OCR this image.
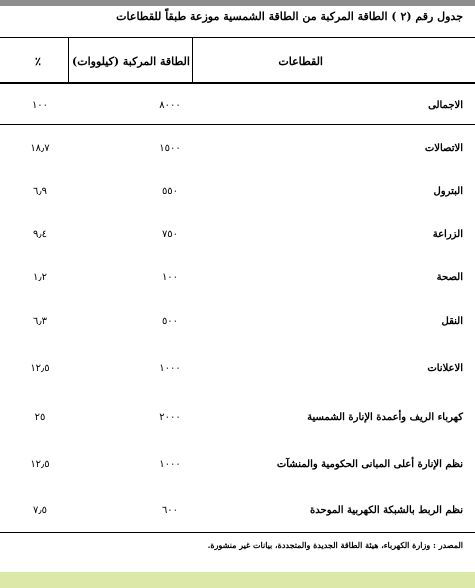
جدول رقم (٢ ) الطاقة المركبة من الطاقة الشمسية موزعة طبقاً للقطاعات
القطاعات
الطاقة المركبة (كيلووات)
٪
الاجمالى
٨٠٠٠
١٠٠
الاتصالات
١٥٠٠
١٨٫٧
البترول
٥٥٠
٦٫٩
الزراعة
٧٥٠
٩٫٤
الصحة
١٠٠
١٫٢
النقل
٥٠٠
٦٫٣
الاعلانات
١٠٠٠
١٢٫٥
كهرباء الريف وأعمدة الإنارة الشمسية
٢٠٠٠
٢٥
نظم الإنارة أعلى المبانى الحكومية والمنشآت
١٠٠٠
١٢٫٥
نظم الربط بالشبكة الكهربية الموحدة
٦٠٠
٧٫٥
المصدر : وزارة الكهرباء، هيئة الطاقة الجديدة والمتجددة، بيانات غير منشورة.
